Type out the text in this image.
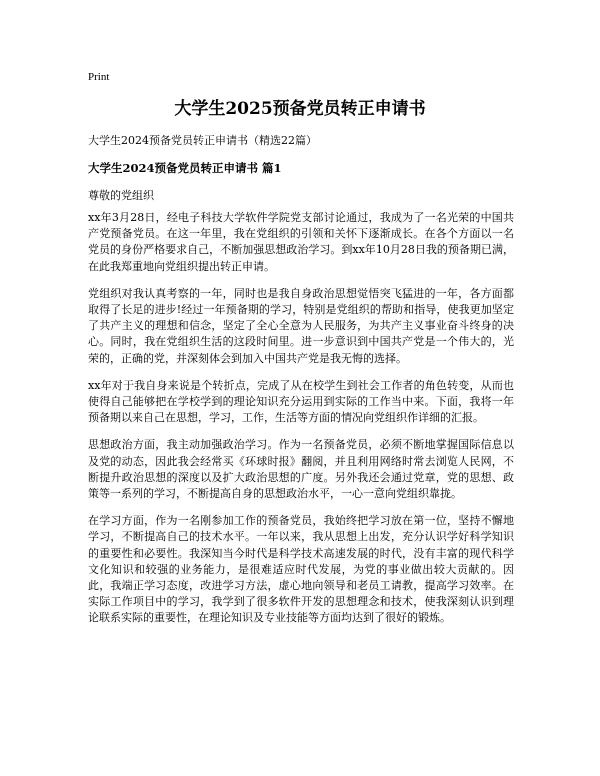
Print
大学生2025预备党员转正申请书
大学生2024预备党员转正申请书（精选22篇）
大学生2024预备党员转正申请书 篇1
尊敬的党组织

xx年3月28日，经电子科技大学软件学院党支部讨论通过，我成为了一名光荣的中国共产党预备党员。在这一年里，我在党组织的引领和关怀下逐渐成长。在各个方面以一名党员的身份严格要求自己，不断加强思想政治学习。到xx年10月28日我的预备期已满，在此我郑重地向党组织提出转正申请。

党组织对我认真考察的一年，同时也是我自身政治思想觉悟突飞猛进的一年，各方面都取得了长足的进步!经过一年预备期的学习，特别是党组织的帮助和指导，使我更加坚定了共产主义的理想和信念，坚定了全心全意为人民服务，为共产主义事业奋斗终身的决心。同时，我在党组织生活的这段时间里。进一步意识到中国共产党是一个伟大的，光荣的，正确的党，并深刻体会到加入中国共产党是我无悔的选择。

xx年对于我自身来说是个转折点，完成了从在校学生到社会工作者的角色转变，从而也使得自己能够把在学校学到的理论知识充分运用到实际的工作当中来。下面，我将一年预备期以来自己在思想，学习，工作，生活等方面的情况向党组织作详细的汇报。

思想政治方面，我主动加强政治学习。作为一名预备党员，必须不断地掌握国际信息以及党的动态，因此我会经常买《环球时报》翻阅，并且利用网络时常去浏览人民网，不断提升政治思想的深度以及扩大政治思想的广度。另外我还会通过党章，党的思想、政策等一系列的学习，不断提高自身的思想政治水平，一心一意向党组织靠拢。

在学习方面，作为一名刚参加工作的预备党员，我始终把学习放在第一位，坚持不懈地学习，不断提高自己的技术水平。一年以来，我从思想上出发，充分认识学好科学知识的重要性和必要性。我深知当今时代是科学技术高速发展的时代，没有丰富的现代科学文化知识和较强的业务能力，是很难适应时代发展，为党的事业做出较大贡献的。因此，我端正学习态度，改进学习方法，虚心地向领导和老员工请教，提高学习效率。在实际工作项目中的学习，我学到了很多软件开发的思想理念和技术，使我深刻认识到理论联系实际的重要性，在理论知识及专业技能等方面均达到了很好的锻炼。
